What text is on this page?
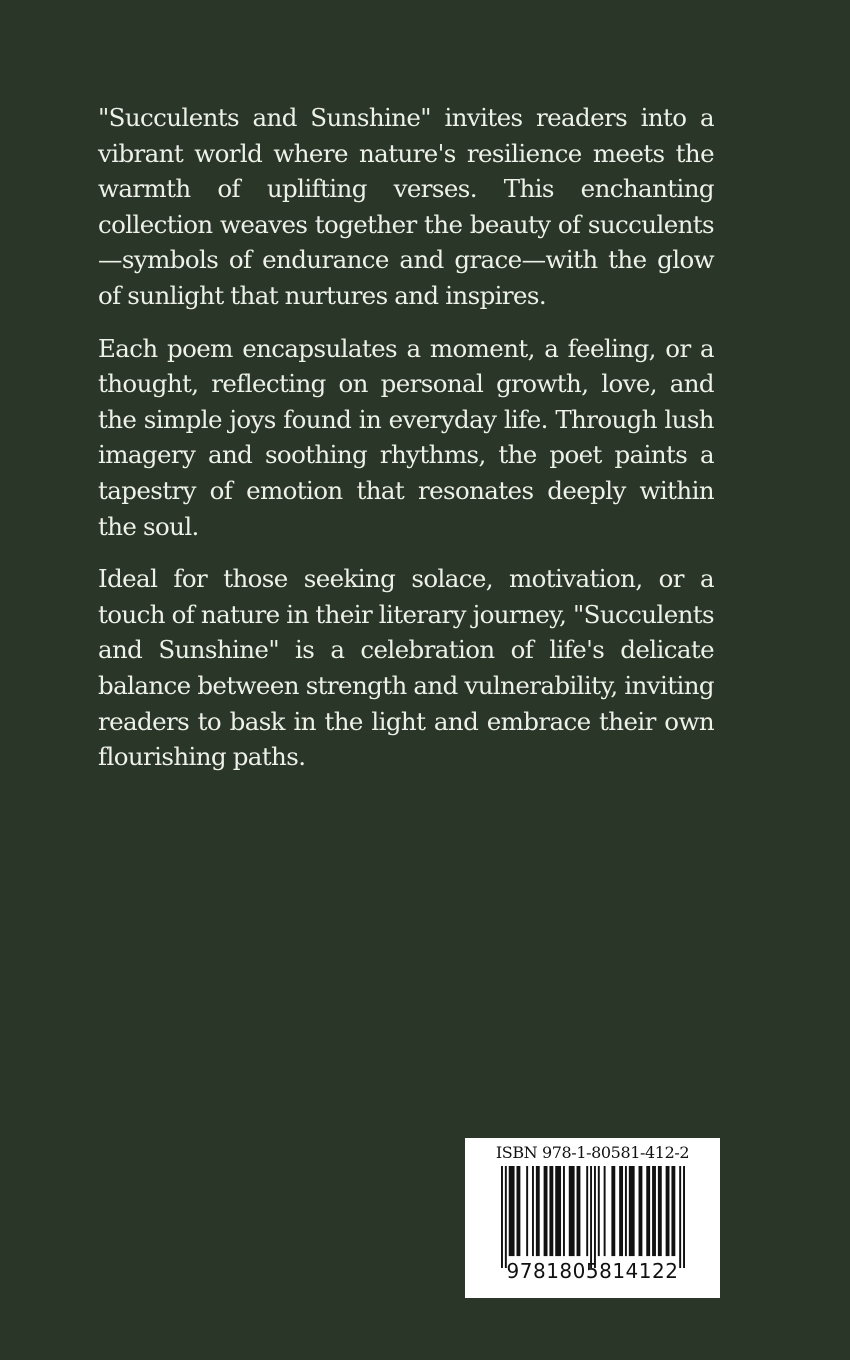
"Succulents and Sunshine" invites readers into a vibrant world where nature's resilience meets the warmth of uplifting verses. This enchanting collection weaves together the beauty of succulents—symbols of endurance and grace—with the glow of sunlight that nurtures and inspires.

Each poem encapsulates a moment, a feeling, or a thought, reflecting on personal growth, love, and the simple joys found in everyday life. Through lush imagery and soothing rhythms, the poet paints a tapestry of emotion that resonates deeply within the soul.

Ideal for those seeking solace, motivation, or a touch of nature in their literary journey, "Succulents and Sunshine" is a celebration of life's delicate balance between strength and vulnerability, inviting readers to bask in the light and embrace their own flourishing paths.

ISBN 978-1-80581-412-2
9781805814122
